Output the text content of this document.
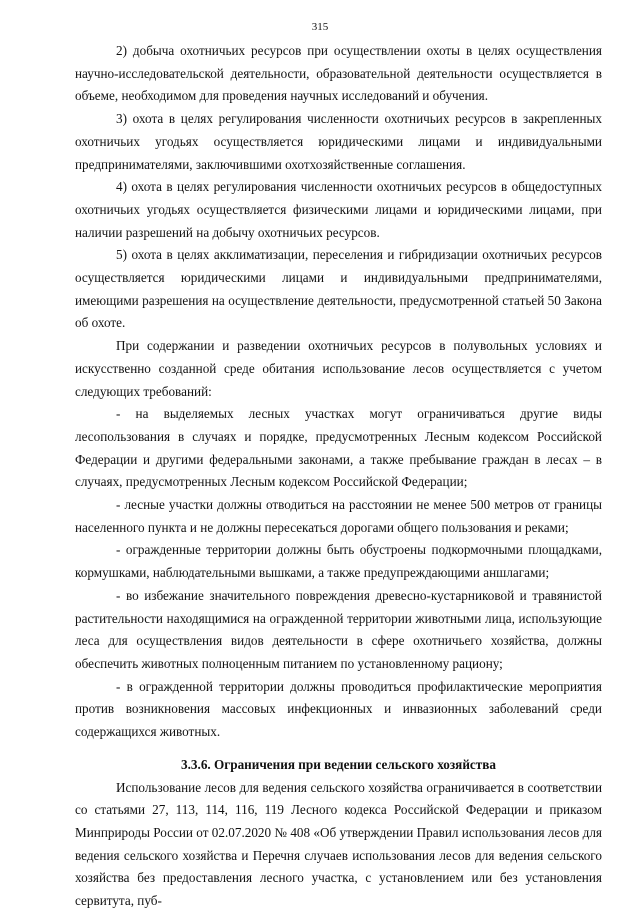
315

2) добыча охотничьих ресурсов при осуществлении охоты в целях осуществления научно-исследовательской деятельности, образовательной деятельности осуществляется в объеме, необходимом для проведения научных исследований и обучения.

3) охота в целях регулирования численности охотничьих ресурсов в закрепленных охотничьих угодьях осуществляется юридическими лицами и индивидуальными предпринимателями, заключившими охотхозяйственные соглашения.

4) охота в целях регулирования численности охотничьих ресурсов в общедоступных охотничьих угодьях осуществляется физическими лицами и юридическими лицами, при наличии разрешений на добычу охотничьих ресурсов.

5) охота в целях акклиматизации, переселения и гибридизации охотничьих ресурсов осуществляется юридическими лицами и индивидуальными предпринимателями, имеющими разрешения на осуществление деятельности, предусмотренной статьей 50 Закона об охоте.

При содержании и разведении охотничьих ресурсов в полувольных условиях и искусственно созданной среде обитания использование лесов осуществляется с учетом следующих требований:

- на выделяемых лесных участках могут ограничиваться другие виды лесопользования в случаях и порядке, предусмотренных Лесным кодексом Российской Федерации и другими федеральными законами, а также пребывание граждан в лесах – в случаях, предусмотренных Лесным кодексом Российской Федерации;

- лесные участки должны отводиться на расстоянии не менее 500 метров от границы населенного пункта и не должны пересекаться дорогами общего пользования и реками;

- огражденные территории должны быть обустроены подкормочными площадками, кормушками, наблюдательными вышками, а также предупреждающими аншлагами;

- во избежание значительного повреждения древесно-кустарниковой и травянистой растительности находящимися на огражденной территории животными лица, использующие леса для осуществления видов деятельности в сфере охотничьего хозяйства, должны обеспечить животных полноценным питанием по установленному рациону;

- в огражденной территории должны проводиться профилактические мероприятия против возникновения массовых инфекционных и инвазионных заболеваний среди содержащихся животных.

3.3.6. Ограничения при ведении сельского хозяйства

Использование лесов для ведения сельского хозяйства ограничивается в соответствии со статьями 27, 113, 114, 116, 119 Лесного кодекса Российской Федерации и приказом Минприроды России от 02.07.2020 № 408 «Об утверждении Правил использования лесов для ведения сельского хозяйства и Перечня случаев использования лесов для ведения сельского хозяйства без предоставления лесного участка, с установлением или без установления сервитута, пуб-
